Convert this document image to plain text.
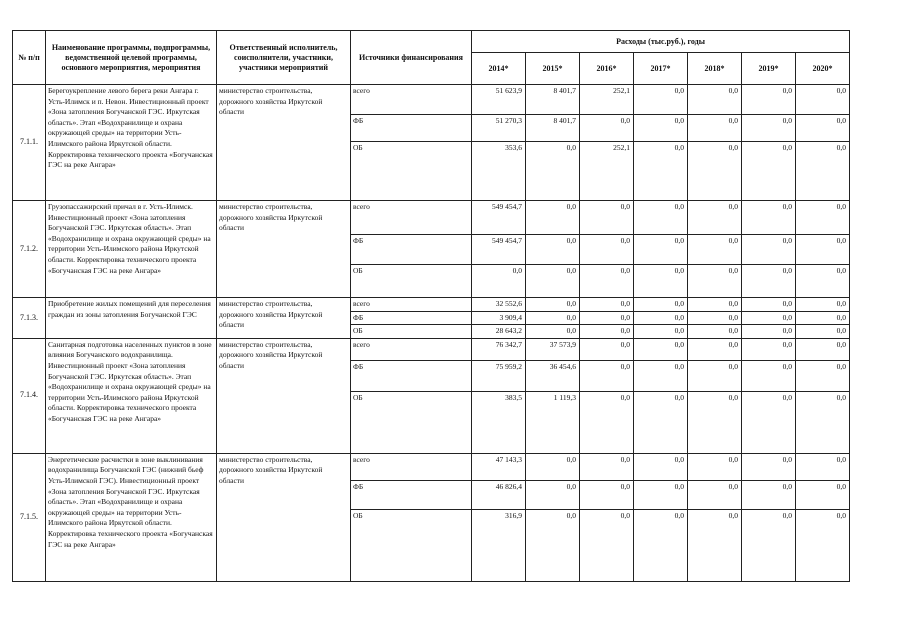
№ п/п	Наименование программы, подпрограммы, ведомственной целевой программы, основного мероприятия, мероприятия	Ответственный исполнитель, соисполнители, участники, участники мероприятий	Источники финансирования	Расходы (тыс.руб.), годы						
				2014*	2015*	2016*	2017*	2018*	2019*	2020*
7.1.1.	Берегоукрепление левого берега реки Ангара г. Усть-Илимск и п. Невон. Инвестиционный проект «Зона затопления Богучанской ГЭС. Иркутская область». Этап «Водохранилище и охрана окружающей среды» на территории Усть-Илимского района Иркутской области. Корректировка технического проекта «Богучанская ГЭС на реке Ангара»	министерство строительства, дорожного хозяйства Иркутской области	всего	51 623,9	8 401,7	252,1	0,0	0,0	0,0	0,0
			ФБ	51 270,3	8 401,7	0,0	0,0	0,0	0,0	0,0
			ОБ	353,6	0,0	252,1	0,0	0,0	0,0	0,0
7.1.2.	Грузопассажирский причал в г. Усть-Илимск. Инвестиционный проект «Зона затопления Богучанской ГЭС. Иркутская область». Этап «Водохранилище и охрана окружающей среды» на территории Усть-Илимского района Иркутской области. Корректировка технического проекта «Богучанская ГЭС на реке Ангара»	министерство строительства, дорожного хозяйства Иркутской области	всего	549 454,7	0,0	0,0	0,0	0,0	0,0	0,0
			ФБ	549 454,7	0,0	0,0	0,0	0,0	0,0	0,0
			ОБ	0,0	0,0	0,0	0,0	0,0	0,0	0,0
7.1.3.	Приобретение жилых помещений для переселения граждан из зоны затопления Богучанской ГЭС	министерство строительства, дорожного хозяйства Иркутской области	всего	32 552,6	0,0	0,0	0,0	0,0	0,0	0,0
			ФБ	3 909,4	0,0	0,0	0,0	0,0	0,0	0,0
			ОБ	28 643,2	0,0	0,0	0,0	0,0	0,0	0,0
7.1.4.	Санитарная подготовка населенных пунктов в зоне влияния Богучанского водохранилища. Инвестиционный проект «Зона затопления Богучанской ГЭС. Иркутская область». Этап «Водохранилище и охрана окружающей среды» на территории Усть-Илимского района Иркутской области. Корректировка технического проекта «Богучанская ГЭС на реке Ангара»	министерство строительства, дорожного хозяйства Иркутской области	всего	76 342,7	37 573,9	0,0	0,0	0,0	0,0	0,0
			ФБ	75 959,2	36 454,6	0,0	0,0	0,0	0,0	0,0
			ОБ	383,5	1 119,3	0,0	0,0	0,0	0,0	0,0
7.1.5.	Энергетические расчистки в зоне выклинивания водохранилища Богучанской ГЭС (нижний бьеф Усть-Илимской ГЭС). Инвестиционный проект «Зона затопления Богучанской ГЭС. Иркутская область». Этап «Водохранилище и охрана окружающей среды» на территории Усть-Илимского района Иркутской области. Корректировка технического проекта «Богучанская ГЭС на реке Ангара»	министерство строительства, дорожного хозяйства Иркутской области	всего	47 143,3	0,0	0,0	0,0	0,0	0,0	0,0
			ФБ	46 826,4	0,0	0,0	0,0	0,0	0,0	0,0
			ОБ	316,9	0,0	0,0	0,0	0,0	0,0	0,0
